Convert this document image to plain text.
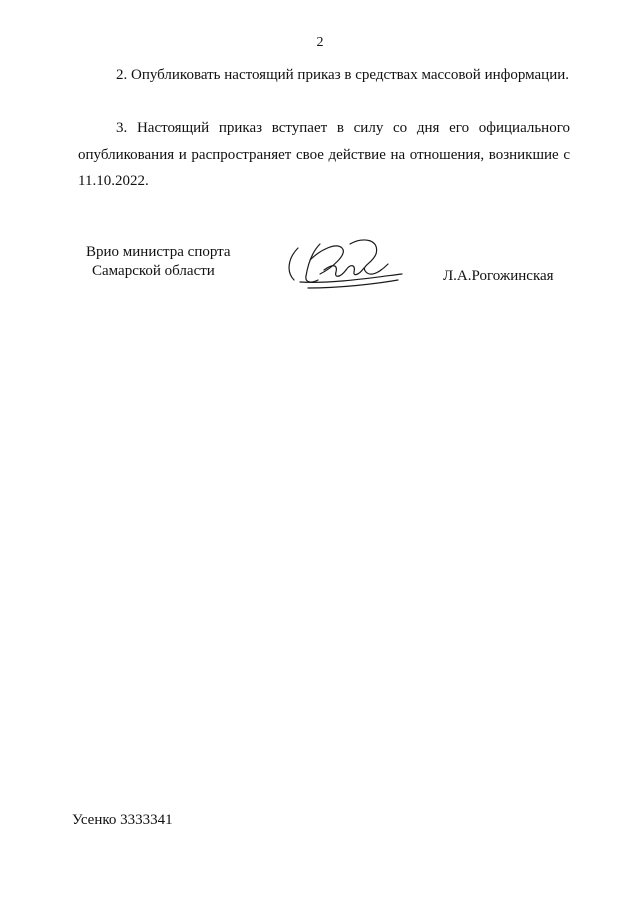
2

2. Опубликовать настоящий приказ в средствах массовой информации.

3. Настоящий приказ вступает в силу со дня его официального опубликования и распространяет свое действие на отношения, возникшие с 11.10.2022.

Врио министра спорта
Самарской области	Л.А.Рогожинская
Усенко 3333341
